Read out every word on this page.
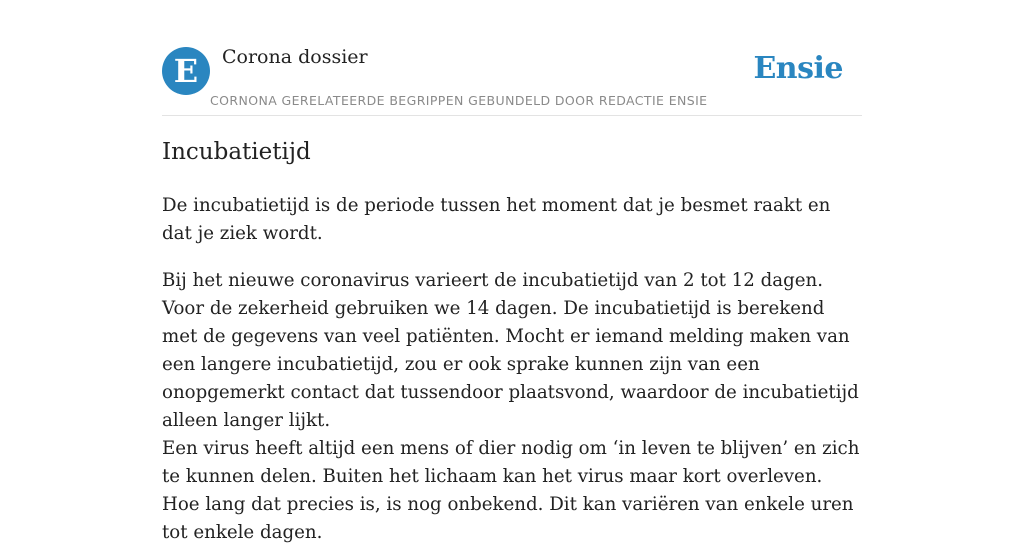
E	Corona dossier
CORNONA GERELATEERDE BEGRIPPEN GEBUNDELD DOOR REDACTIE ENSIE
Ensie
Incubatietijd

De incubatietijd is de periode tussen het moment dat je besmet raakt en dat je ziek wordt.

Bij het nieuwe coronavirus varieert de incubatietijd van 2 tot 12 dagen. Voor de zekerheid gebruiken we 14 dagen. De incubatietijd is berekend met de gegevens van veel patiënten. Mocht er iemand melding maken van een langere incubatietijd, zou er ook sprake kunnen zijn van een onopgemerkt contact dat tussendoor plaatsvond, waardoor de incubatietijd alleen langer lijkt.

Een virus heeft altijd een mens of dier nodig om ‘in leven te blijven’ en zich te kunnen delen. Buiten het lichaam kan het virus maar kort overleven. Hoe lang dat precies is, is nog onbekend. Dit kan variëren van enkele uren tot enkele dagen.
